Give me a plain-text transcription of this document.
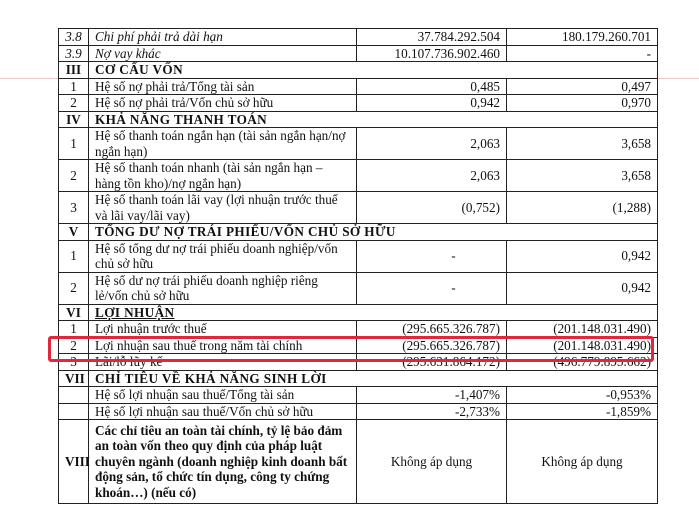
3.8	Chi phí phải trả dài hạn	37.784.292.504	180.179.260.701
3.9	Nợ vay khác	10.107.736.902.460	-
III	CƠ CẤU VỐN		
1	Hệ số nợ phải trả/Tổng tài sản	0,485	0,497
2	Hệ số nợ phải trả/Vốn chủ sở hữu	0,942	0,970
IV	KHẢ NĂNG THANH TOÁN		
1	Hệ số thanh toán ngắn hạn (tài sản ngắn hạn/nợ ngắn hạn)	2,063	3,658
2	Hệ số thanh toán nhanh (tài sản ngắn hạn – hàng tồn kho)/nợ ngắn hạn)	2,063	3,658
3	Hệ số thanh toán lãi vay (lợi nhuận trước thuế và lãi vay/lãi vay)	(0,752)	(1,288)
V	TỔNG DƯ NỢ TRÁI PHIẾU/VỐN CHỦ SỞ HỮU		
1	Hệ số tổng dư nợ trái phiếu doanh nghiệp/vốn chủ sở hữu	-	0,942
2	Hệ số dư nợ trái phiếu doanh nghiệp riêng lẻ/vốn chủ sở hữu	-	0,942
VI	LỢI NHUẬN		
1	Lợi nhuận trước thuế	(295.665.326.787)	(201.148.031.490)
2	Lợi nhuận sau thuế trong năm tài chính	(295.665.326.787)	(201.148.031.490)
3	Lãi/lỗ lũy kế	(295.631.864.172)	(496.779.895.662)
VII	CHỈ TIÊU VỀ KHẢ NĂNG SINH LỜI		
	Hệ số lợi nhuận sau thuế/Tổng tài sản	-1,407%	-0,953%
	Hệ số lợi nhuận sau thuế/Vốn chủ sở hữu	-2,733%	-1,859%
VIII	Các chỉ tiêu an toàn tài chính, tỷ lệ bảo đảm an toàn vốn theo quy định của pháp luật chuyên ngành (doanh nghiệp kinh doanh bất động sản, tổ chức tín dụng, công ty chứng khoán…) (nếu có)	Không áp dụng	Không áp dụng
